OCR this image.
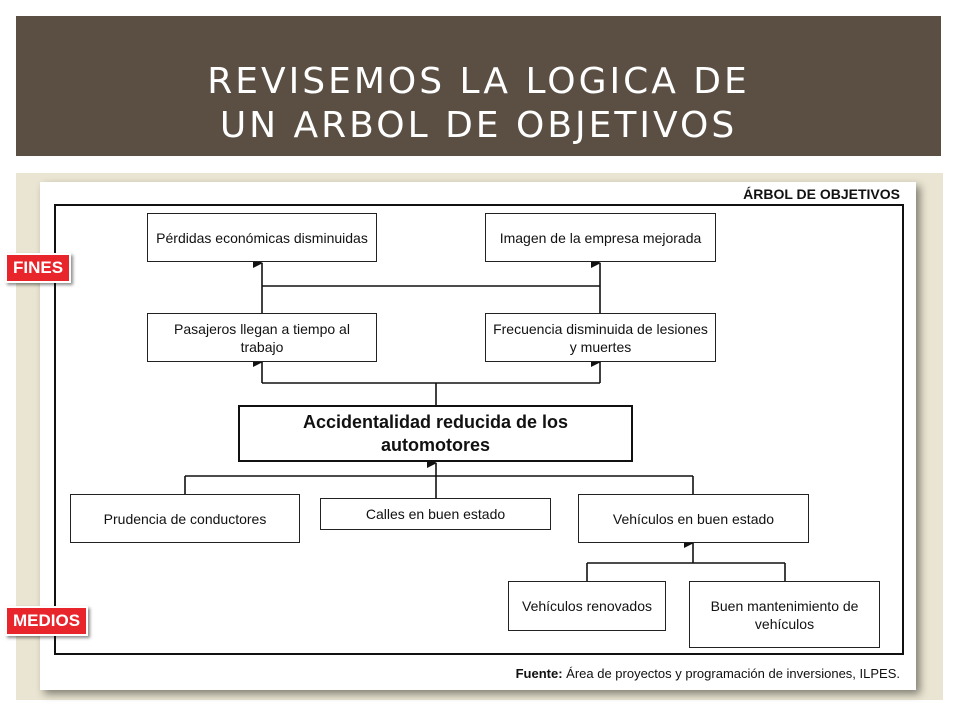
REVISEMOS LA LOGICA DE
UN ARBOL DE OBJETIVOS
ÁRBOL DE OBJETIVOS
Pérdidas económicas disminuidas	Imagen de la empresa mejorada
Pasajeros llegan a tiempo al trabajo
Frecuencia disminuida de lesiones y muertes
Accidentalidad reducida de los automotores
Prudencia de conductores	Calles en buen estado	Vehículos en buen estado
Vehículos renovados	Buen mantenimiento de vehículos
Fuente: Área de proyectos y programación de inversiones, ILPES.
FINES
MEDIOS
